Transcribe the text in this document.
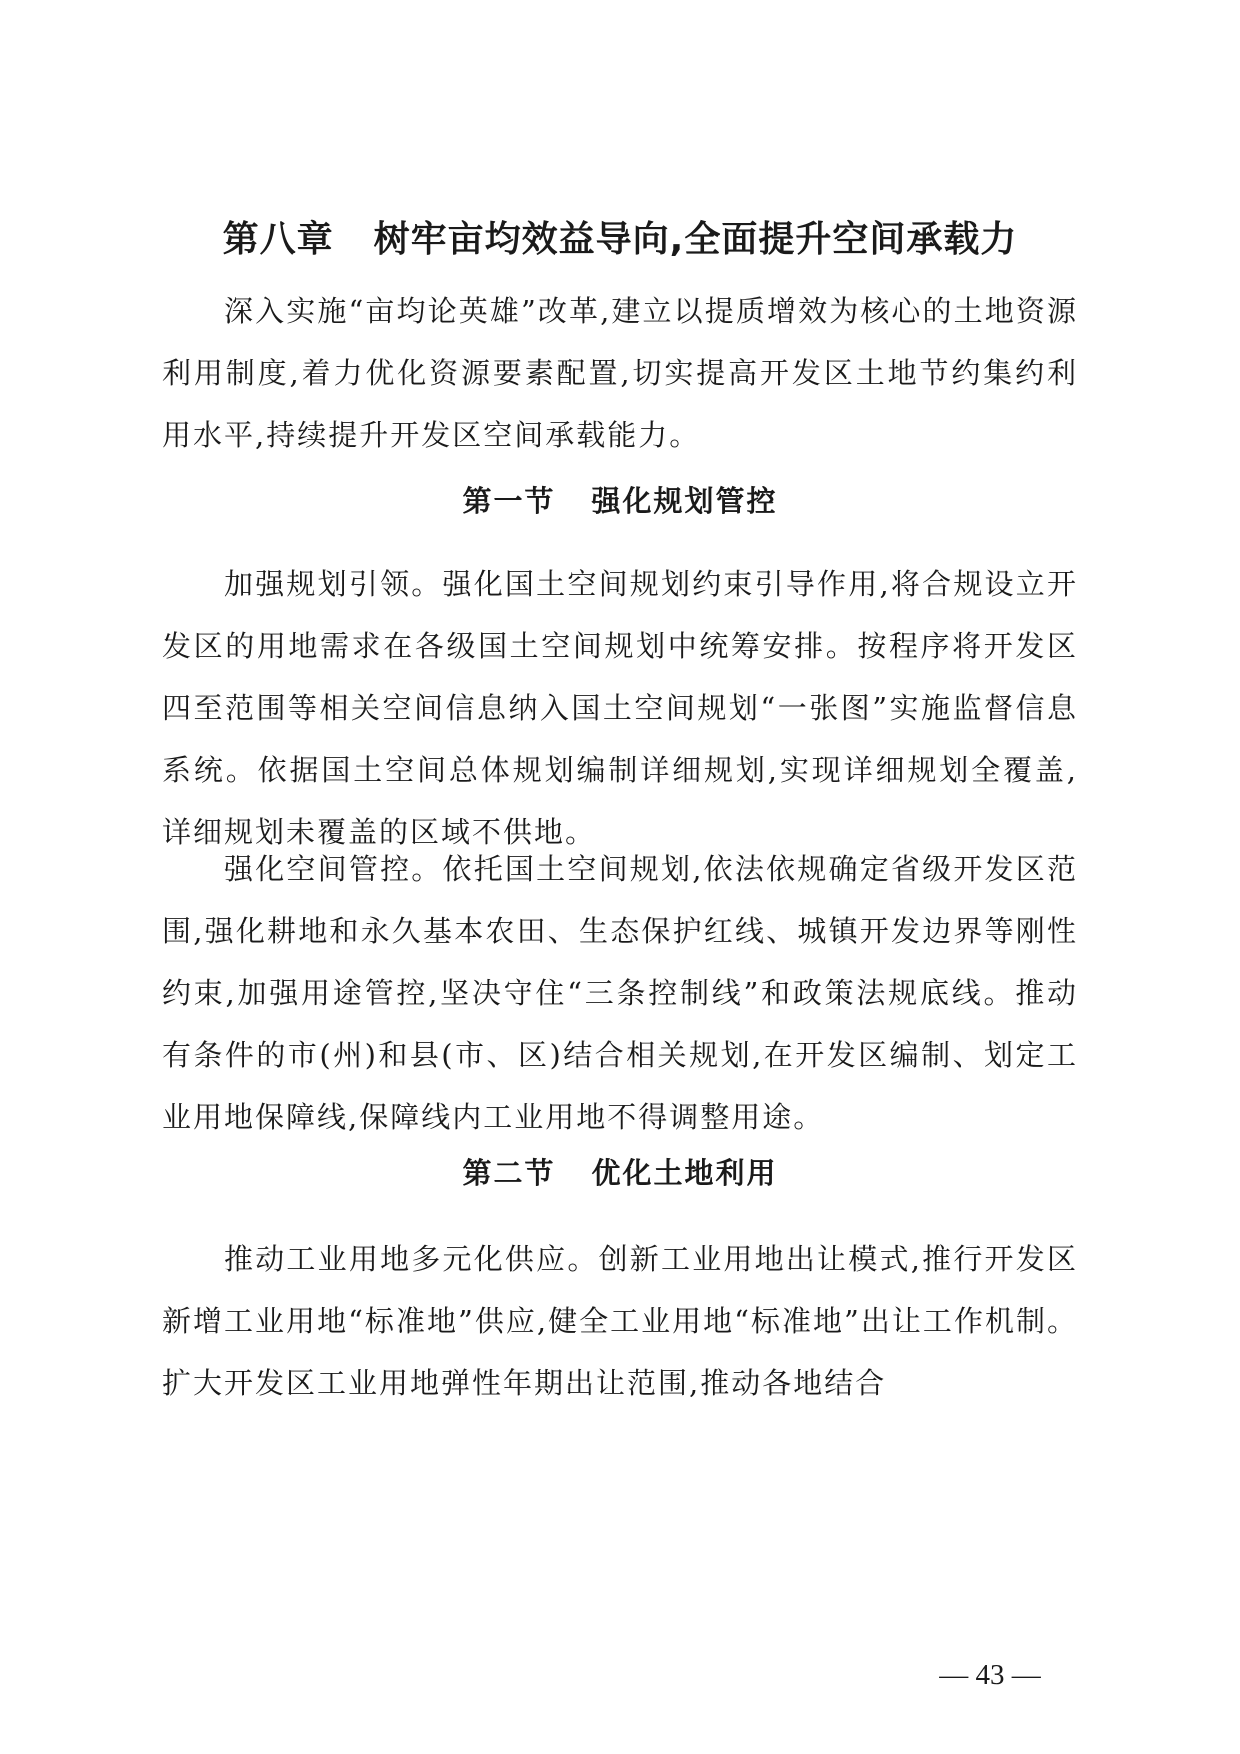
第八章 树牢亩均效益导向,全面提升空间承载力

深入实施“亩均论英雄”改革,建立以提质增效为核心的土地资源利用制度,着力优化资源要素配置,切实提高开发区土地节约集约利用水平,持续提升开发区空间承载能力。

第一节 强化规划管控

加强规划引领。强化国土空间规划约束引导作用,将合规设立开发区的用地需求在各级国土空间规划中统筹安排。按程序将开发区四至范围等相关空间信息纳入国土空间规划“一张图”实施监督信息系统。依据国土空间总体规划编制详细规划,实现详细规划全覆盖,详细规划未覆盖的区域不供地。

强化空间管控。依托国土空间规划,依法依规确定省级开发区范围,强化耕地和永久基本农田、生态保护红线、城镇开发边界等刚性约束,加强用途管控,坚决守住“三条控制线”和政策法规底线。推动有条件的市(州)和县(市、区)结合相关规划,在开发区编制、划定工业用地保障线,保障线内工业用地不得调整用途。

第二节 优化土地利用

推动工业用地多元化供应。创新工业用地出让模式,推行开发区新增工业用地“标准地”供应,健全工业用地“标准地”出让工作机制。扩大开发区工业用地弹性年期出让范围,推动各地结合

— 43 —
